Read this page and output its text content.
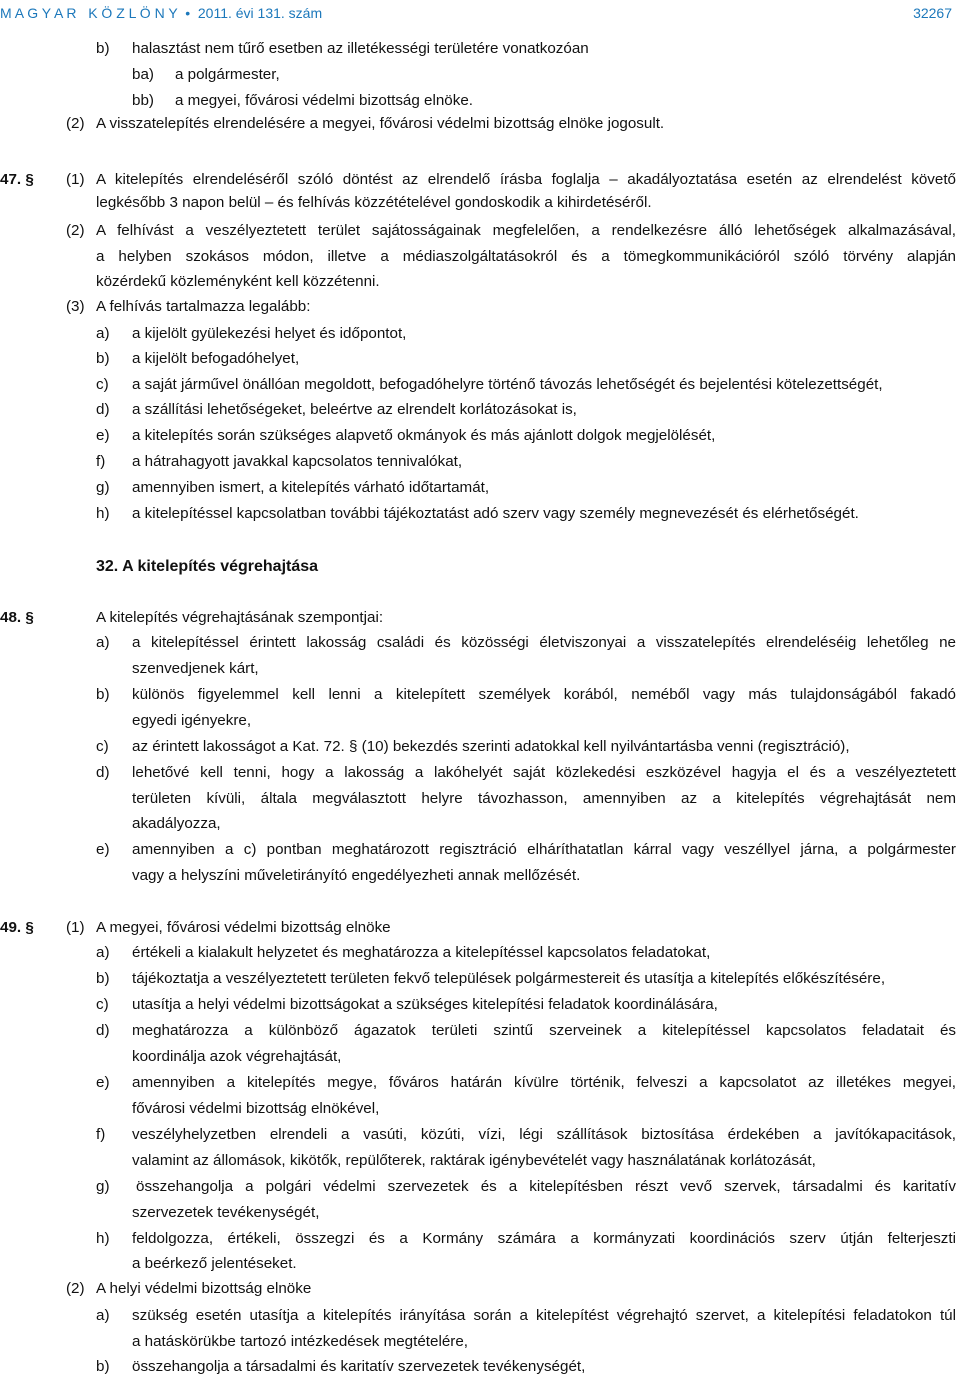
M A G Y A R   K Ö Z L Ö N Y  •  2011. évi 131. szám	32267
b) halasztást nem tűrő esetben az illetékességi területére vonatkozóan
ba) a polgármester,
bb) a megyei, fővárosi védelmi bizottság elnöke.
(2) A visszatelepítés elrendelésére a megyei, fővárosi védelmi bizottság elnöke jogosult.
47. § (1) A kitelepítés elrendeléséről szóló döntést az elrendelő írásba foglalja – akadályoztatása esetén az elrendelést követő
legkésőbb 3 napon belül – és felhívás közzétételével gondoskodik a kihirdetéséről.
(2) A felhívást a veszélyeztetett terület sajátosságainak megfelelően, a rendelkezésre álló lehetőségek alkalmazásával,
a helyben szokásos módon, illetve a médiaszolgáltatásokról és a tömegkommunikációról szóló törvény alapján
közérdekű közleményként kell közzétenni.
(3) A felhívás tartalmazza legalább:
a) a kijelölt gyülekezési helyet és időpontot,
b) a kijelölt befogadóhelyet,
c) a saját járművel önállóan megoldott, befogadóhelyre történő távozás lehetőségét és bejelentési kötelezettségét,
d) a szállítási lehetőségeket, beleértve az elrendelt korlátozásokat is,
e) a kitelepítés során szükséges alapvető okmányok és más ajánlott dolgok megjelölését,
f) a hátrahagyott javakkal kapcsolatos tennivalókat,
g) amennyiben ismert, a kitelepítés várható időtartamát,
h) a kitelepítéssel kapcsolatban további tájékoztatást adó szerv vagy személy megnevezését és elérhetőségét.
32. A kitelepítés végrehajtása
48. §	A kitelepítés végrehajtásának szempontjai:
a) a kitelepítéssel érintett lakosság családi és közösségi életviszonyai a visszatelepítés elrendeléséig lehetőleg ne
szenvedjenek kárt,
b) különös figyelemmel kell lenni a kitelepített személyek korából, neméből vagy más tulajdonságából fakadó
egyedi igényekre,
c) az érintett lakosságot a Kat. 72. § (10) bekezdés szerinti adatokkal kell nyilvántartásba venni (regisztráció),
d) lehetővé kell tenni, hogy a lakosság a lakóhelyét saját közlekedési eszközével hagyja el és a veszélyeztetett
területen kívüli, általa megválasztott helyre távozhasson, amennyiben az a kitelepítés végrehajtását nem
akadályozza,
e) amennyiben a c) pontban meghatározott regisztráció elháríthatatlan kárral vagy veszéllyel járna, a polgármester
vagy a helyszíni műveletirányító engedélyezheti annak mellőzését.
49. § (1) A megyei, fővárosi védelmi bizottság elnöke
a) értékeli a kialakult helyzetet és meghatározza a kitelepítéssel kapcsolatos feladatokat,
b) tájékoztatja a veszélyeztetett területen fekvő települések polgármestereit és utasítja a kitelepítés előkészítésére,
c) utasítja a helyi védelmi bizottságokat a szükséges kitelepítési feladatok koordinálására,
d) meghatározza a különböző ágazatok területi szintű szerveinek a kitelepítéssel kapcsolatos feladatait és
koordinálja azok végrehajtását,
e) amennyiben a kitelepítés megye, főváros határán kívülre történik, felveszi a kapcsolatot az illetékes megyei,
fővárosi védelmi bizottság elnökével,
f) veszélyhelyzetben elrendeli a vasúti, közúti, vízi, légi szállítások biztosítása érdekében a javítókapacitások,
valamint az állomások, kikötők, repülőterek, raktárak igénybevételét vagy használatának korlátozását,
g) összehangolja a polgári védelmi szervezetek és a kitelepítésben részt vevő szervek, társadalmi és karitatív
szervezetek tevékenységét,
h) feldolgozza, értékeli, összegzi és a Kormány számára a kormányzati koordinációs szerv útján felterjeszti
a beérkező jelentéseket.
(2) A helyi védelmi bizottság elnöke
a) szükség esetén utasítja a kitelepítés irányítása során a kitelepítést végrehajtó szervet, a kitelepítési feladatokon túl
a hatáskörükbe tartozó intézkedések megtételére,
b) összehangolja a társadalmi és karitatív szervezetek tevékenységét,
